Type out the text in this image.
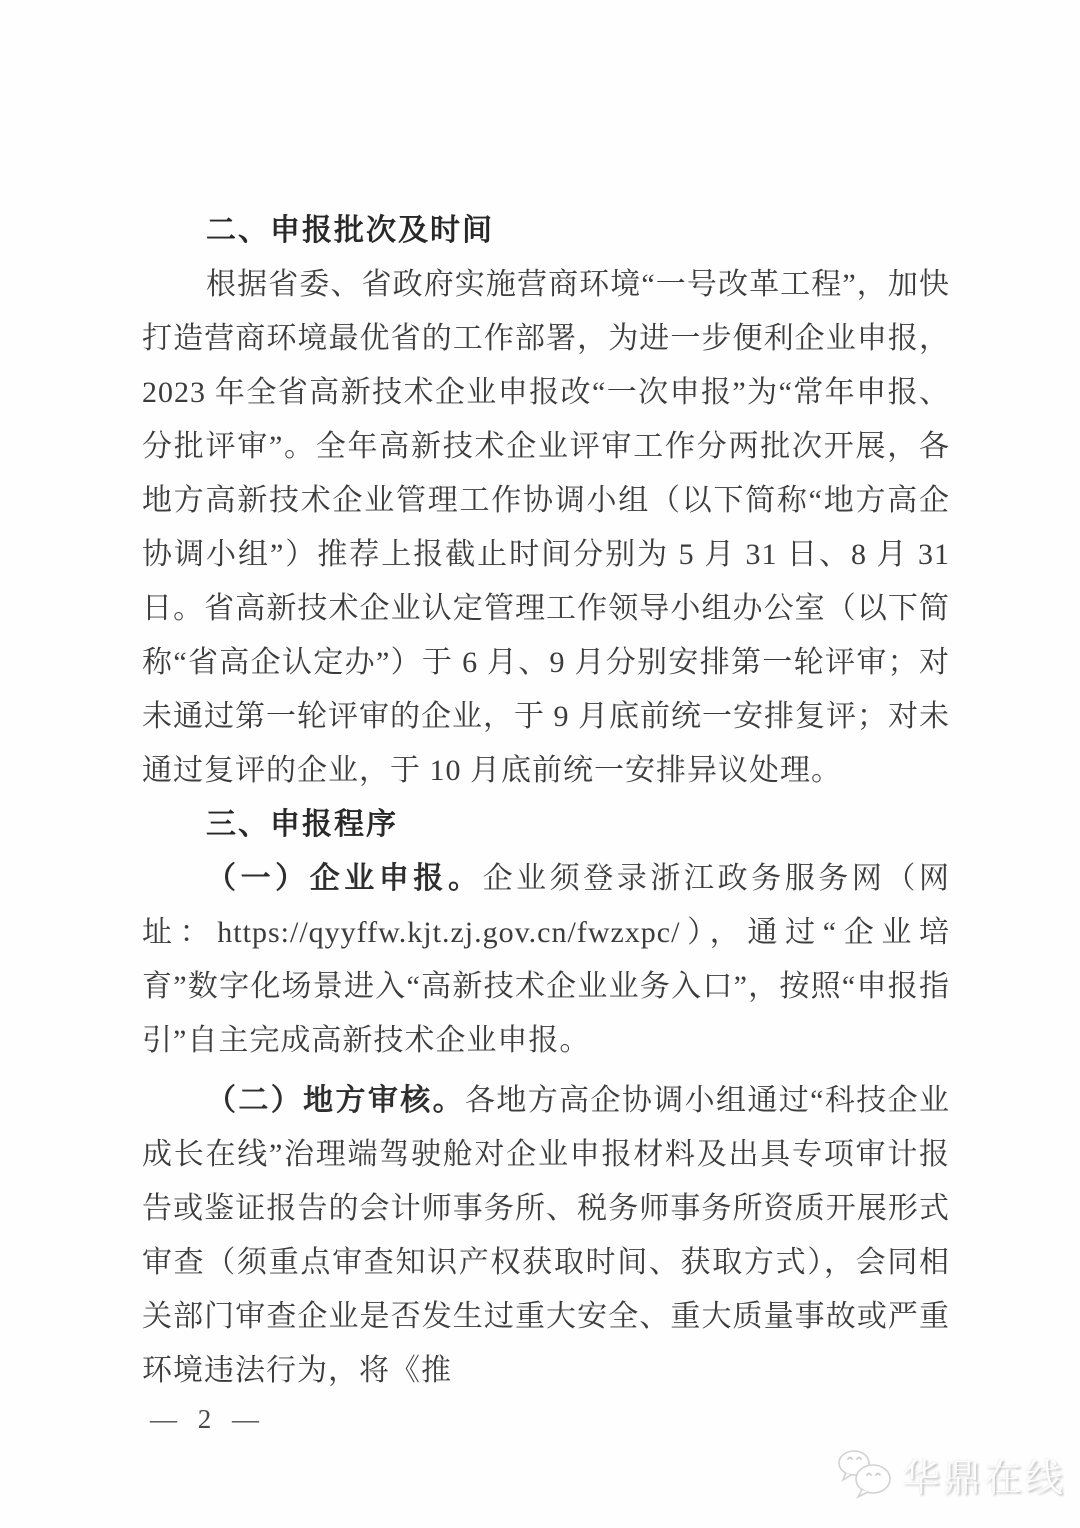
二、申报批次及时间

根据省委、省政府实施营商环境“一号改革工程”，加快打造营商环境最优省的工作部署，为进一步便利企业申报，2023 年全省高新技术企业申报改“一次申报”为“常年申报、分批评审”。全年高新技术企业评审工作分两批次开展，各地方高新技术企业管理工作协调小组（以下简称“地方高企协调小组”）推荐上报截止时间分别为 5 月 31 日、8 月 31 日。省高新技术企业认定管理工作领导小组办公室（以下简称“省高企认定办”）于 6 月、9 月分别安排第一轮评审；对未通过第一轮评审的企业，于 9 月底前统一安排复评；对未通过复评的企业，于 10 月底前统一安排异议处理。

三、申报程序

（一）企业申报。企业须登录浙江政务服务网（网址：https://qyyffw.kjt.zj.gov.cn/fwzxpc/），通过“企业培育”数字化场景进入“高新技术企业业务入口”，按照“申报指引”自主完成高新技术企业申报。

（二）地方审核。各地方高企协调小组通过“科技企业成长在线”治理端驾驶舱对企业申报材料及出具专项审计报告或鉴证报告的会计师事务所、税务师事务所资质开展形式审查（须重点审查知识产权获取时间、获取方式），会同相关部门审查企业是否发生过重大安全、重大质量事故或严重环境违法行为，将《推

— 2 —
华鼎在线
